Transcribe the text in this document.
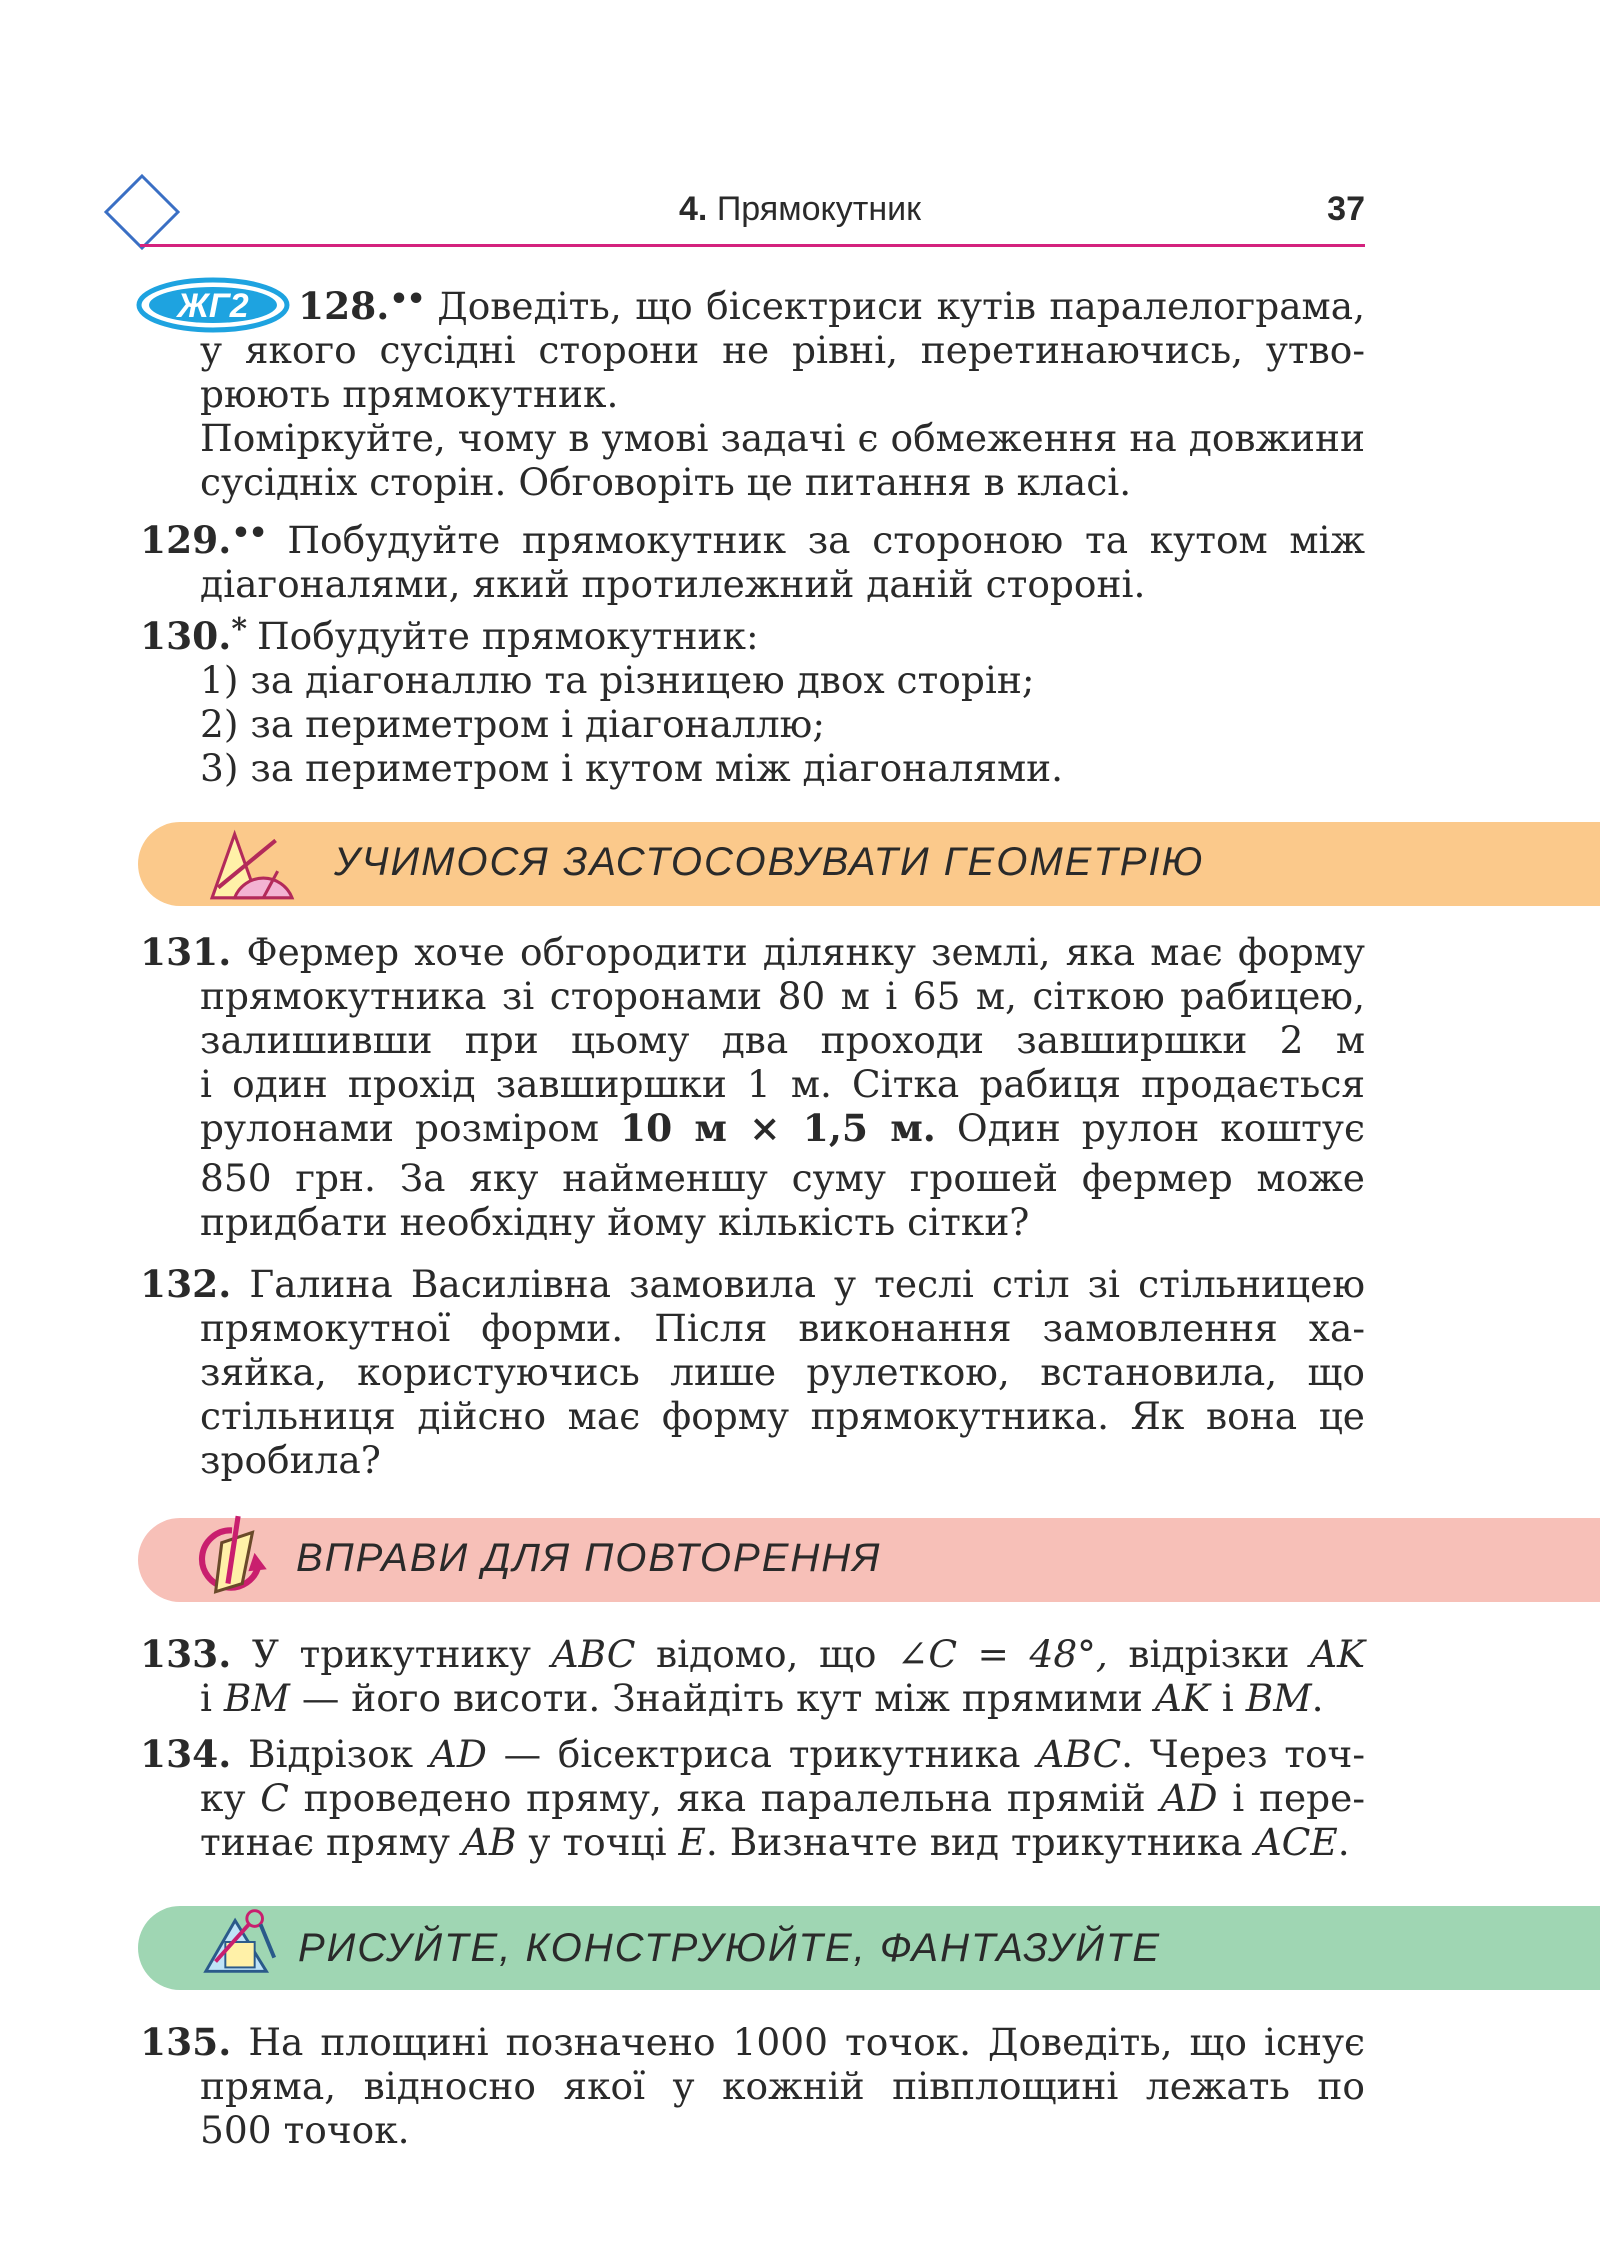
4. Прямокутник	37
ЖГ2	128.•• Доведіть, що бісектриси кутів паралелограма,
у якого сусідні сторони не рівні, перетинаючись, утво-
рюють прямокутник.
Поміркуйте, чому в умові задачі є обмеження на довжини
сусідніх сторін. Обговоріть це питання в класі.
129.•• Побудуйте прямокутник за стороною та кутом між
діагоналями, який протилежний даній стороні.
130.* Побудуйте прямокутник:
1) за діагоналлю та різницею двох сторін;
2) за периметром і діагоналлю;
3) за периметром і кутом між діагоналями.
УЧИМОСЯ ЗАСТОСОВУВАТИ ГЕОМЕТРІЮ
131. Фермер хоче обгородити ділянку землі, яка має форму
прямокутника зі сторонами 80 м і 65 м, сіткою рабицею,
залишивши при цьому два проходи завширшки 2 м
і один прохід завширшки 1 м. Сітка рабиця продається
рулонами розміром 10 м × 1,5 м. Один рулон коштує
850 грн. За яку найменшу суму грошей фермер може
придбати необхідну йому кількість сітки?
132. Галина Василівна замовила у теслі стіл зі стільницею
прямокутної форми. Після виконання замовлення ха-
зяйка, користуючись лише рулеткою, встановила, що
стільниця дійсно має форму прямокутника. Як вона це
зробила?
ВПРАВИ ДЛЯ ПОВТОРЕННЯ
133. У трикутнику ABC відомо, що ∠C = 48°, відрізки AK
і BM — його висоти. Знайдіть кут між прямими AK і BM.
134. Відрізок AD — бісектриса трикутника ABC. Через точ-
ку C проведено пряму, яка паралельна прямій AD і пере-
тинає пряму AB у точці E. Визначте вид трикутника ACE.
РИСУЙТЕ, КОНСТРУЮЙТЕ, ФАНТАЗУЙТЕ
135. На площині позначено 1000 точок. Доведіть, що існує
пряма, відносно якої у кожній півплощині лежать по
500 точок.
